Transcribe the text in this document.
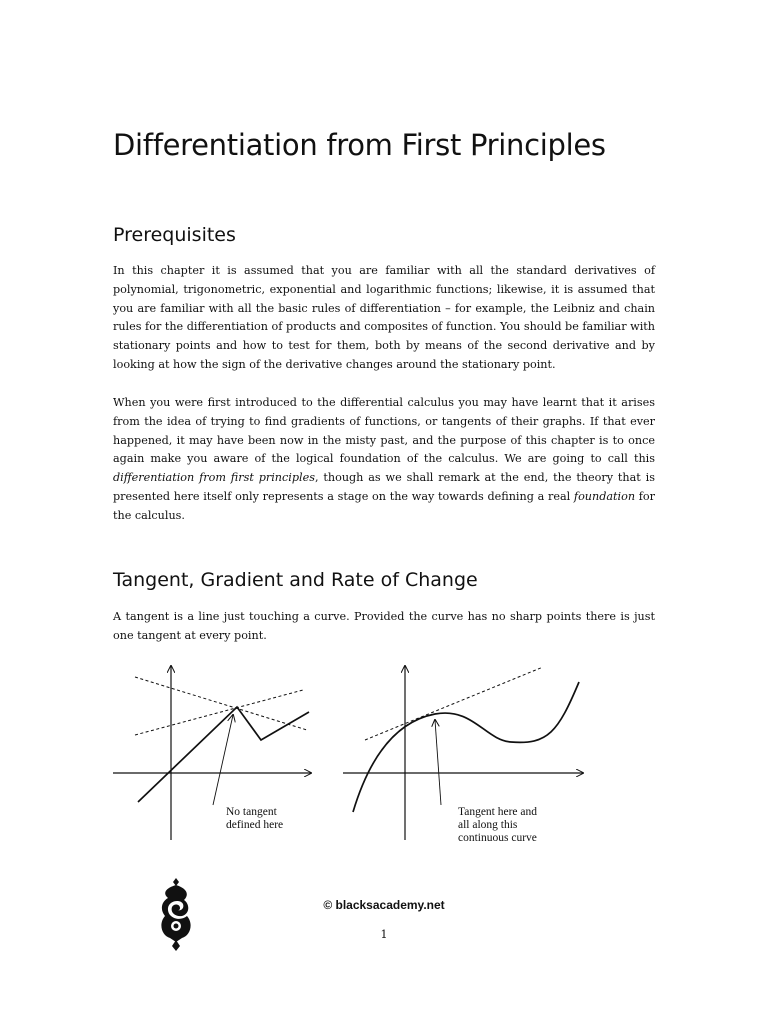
Differentiation from First Principles
Prerequisites

In this chapter it is assumed that you are familiar with all the standard derivatives of polynomial, trigonometric, exponential and logarithmic functions; likewise, it is assumed that you are familiar with all the basic rules of differentiation – for example, the Leibniz and chain rules for the differentiation of products and composites of function. You should be familiar with stationary points and how to test for them, both by means of the second derivative and by looking at how the sign of the derivative changes around the stationary point.

When you were first introduced to the differential calculus you may have learnt that it arises from the idea of trying to find gradients of functions, or tangents of their graphs. If that ever happened, it may have been now in the misty past, and the purpose of this chapter is to once again make you aware of the logical foundation of the calculus. We are going to call this differentiation from first principles, though as we shall remark at the end, the theory that is presented here itself only represents a stage on the way towards defining a real foundation for the calculus.

Tangent, Gradient and Rate of Change

A tangent is a line just touching a curve. Provided the curve has no sharp points there is just one tangent at every point.

No tangent
defined here
Tangent here and
all along this
continuous curve
© blacksacademy.net
1
